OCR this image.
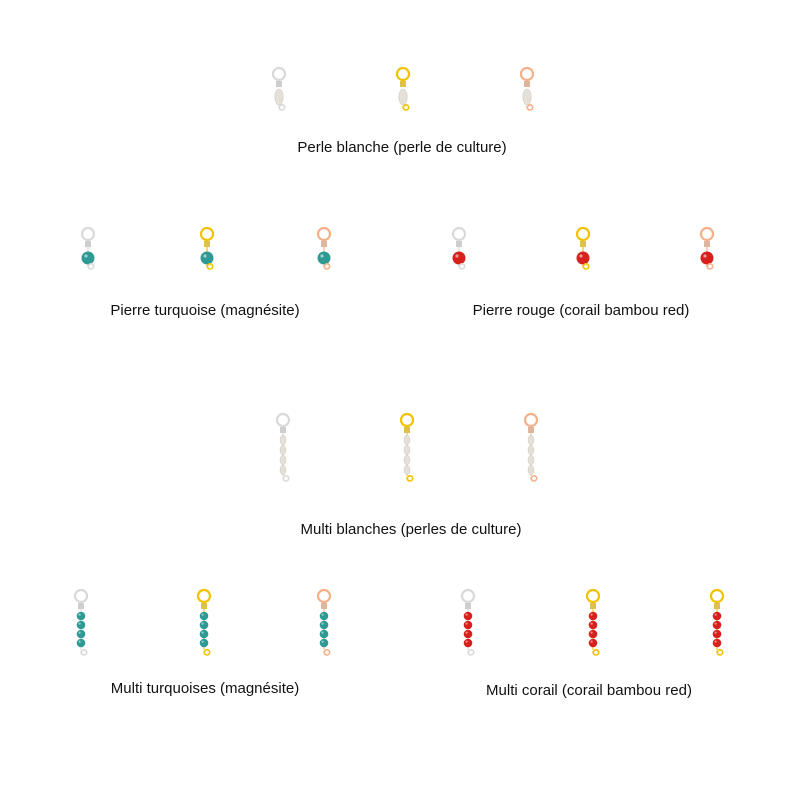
Perle blanche (perle de culture)
Pierre turquoise (magnésite)	Pierre rouge (corail bambou red)
Multi blanches (perles de culture)
Multi turquoises (magnésite)	Multi corail (corail bambou red)
